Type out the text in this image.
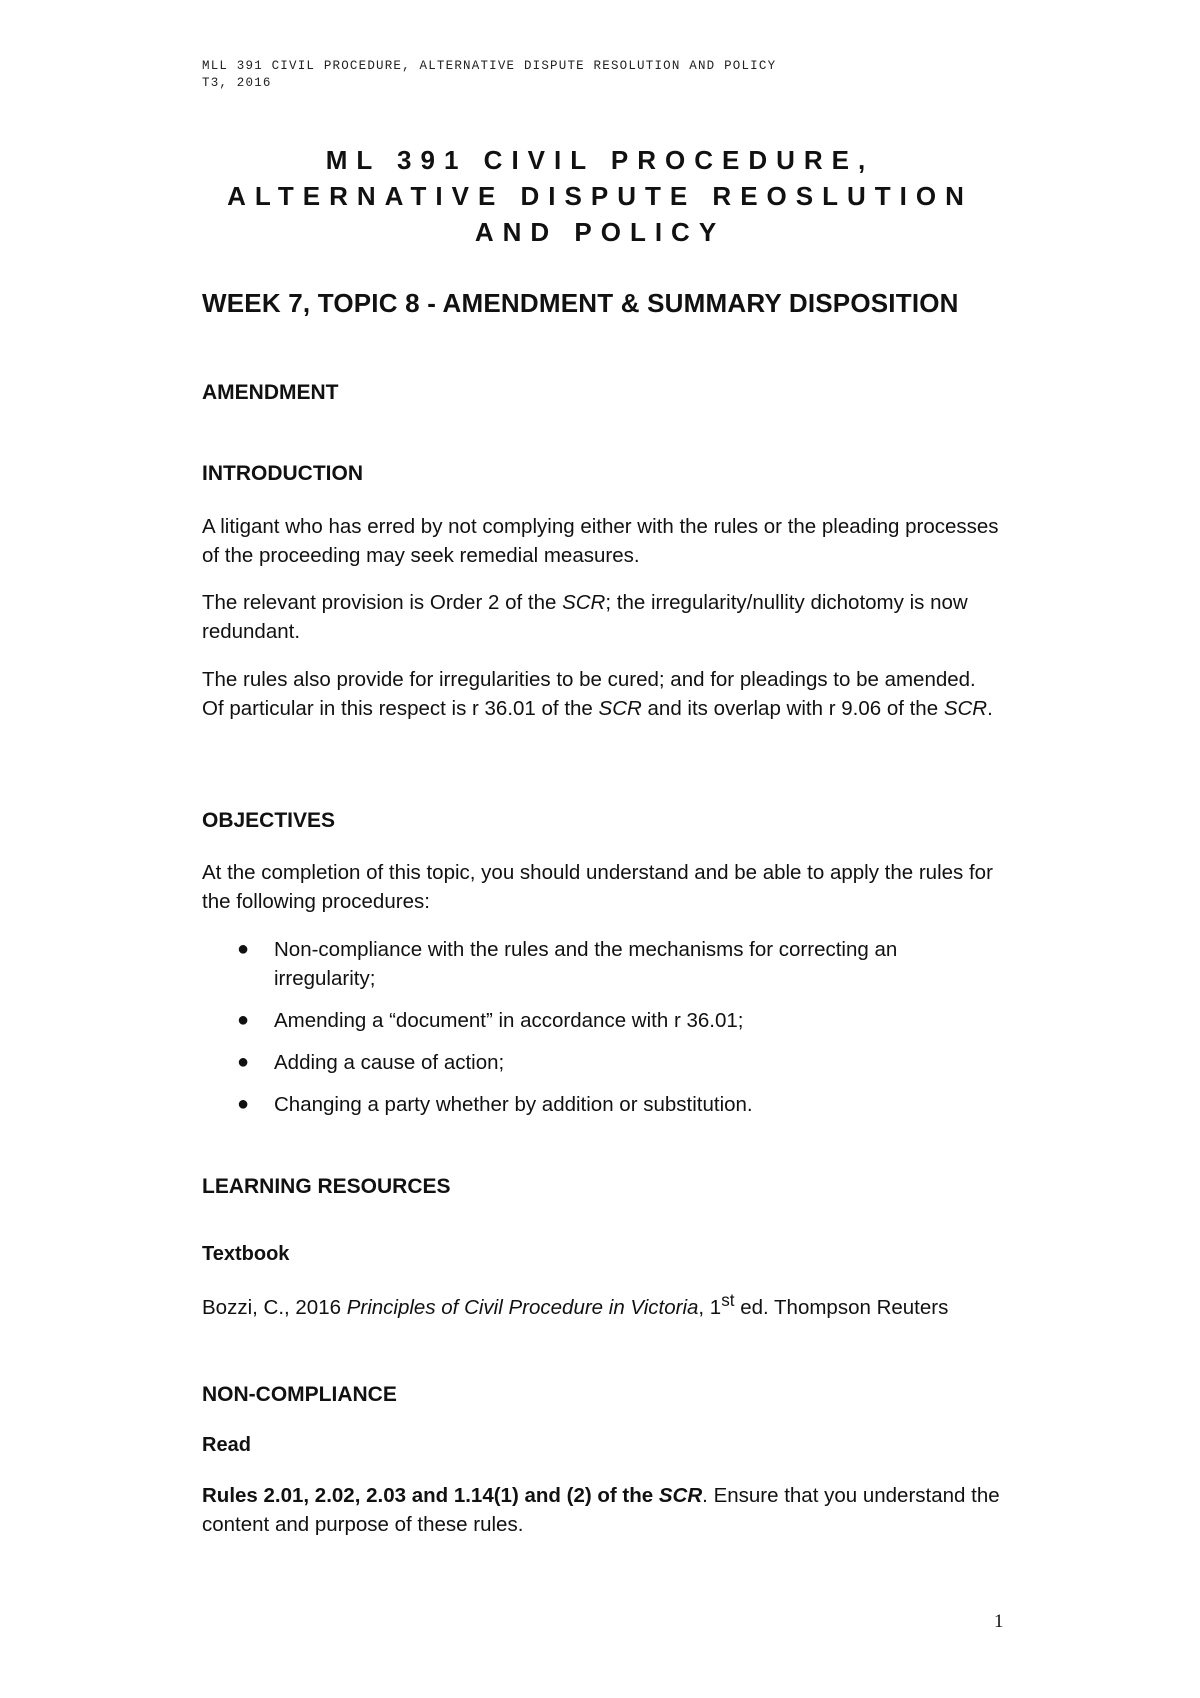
MLL 391 CIVIL PROCEDURE, ALTERNATIVE DISPUTE RESOLUTION AND POLICY
T3, 2016
ML 391 CIVIL PROCEDURE,
ALTERNATIVE DISPUTE REOSLUTION
AND POLICY
WEEK 7, TOPIC 8 - AMENDMENT & SUMMARY DISPOSITION
AMENDMENT
INTRODUCTION

A litigant who has erred by not complying either with the rules or the pleading processes of the proceeding may seek remedial measures.

The relevant provision is Order 2 of the SCR; the irregularity/nullity dichotomy is now redundant.

The rules also provide for irregularities to be cured; and for pleadings to be amended. Of particular in this respect is r 36.01 of the SCR and its overlap with r 9.06 of the SCR.

OBJECTIVES

At the completion of this topic, you should understand and be able to apply the rules for the following procedures:

● Non-compliance with the rules and the mechanisms for correcting an irregularity;
● Amending a “document” in accordance with r 36.01;
● Adding a cause of action;
● Changing a party whether by addition or substitution.
LEARNING RESOURCES
Textbook

Bozzi, C., 2016 Principles of Civil Procedure in Victoria, 1st ed. Thompson Reuters

NON-COMPLIANCE
Read

Rules 2.01, 2.02, 2.03 and 1.14(1) and (2) of the SCR. Ensure that you understand the content and purpose of these rules.

1
